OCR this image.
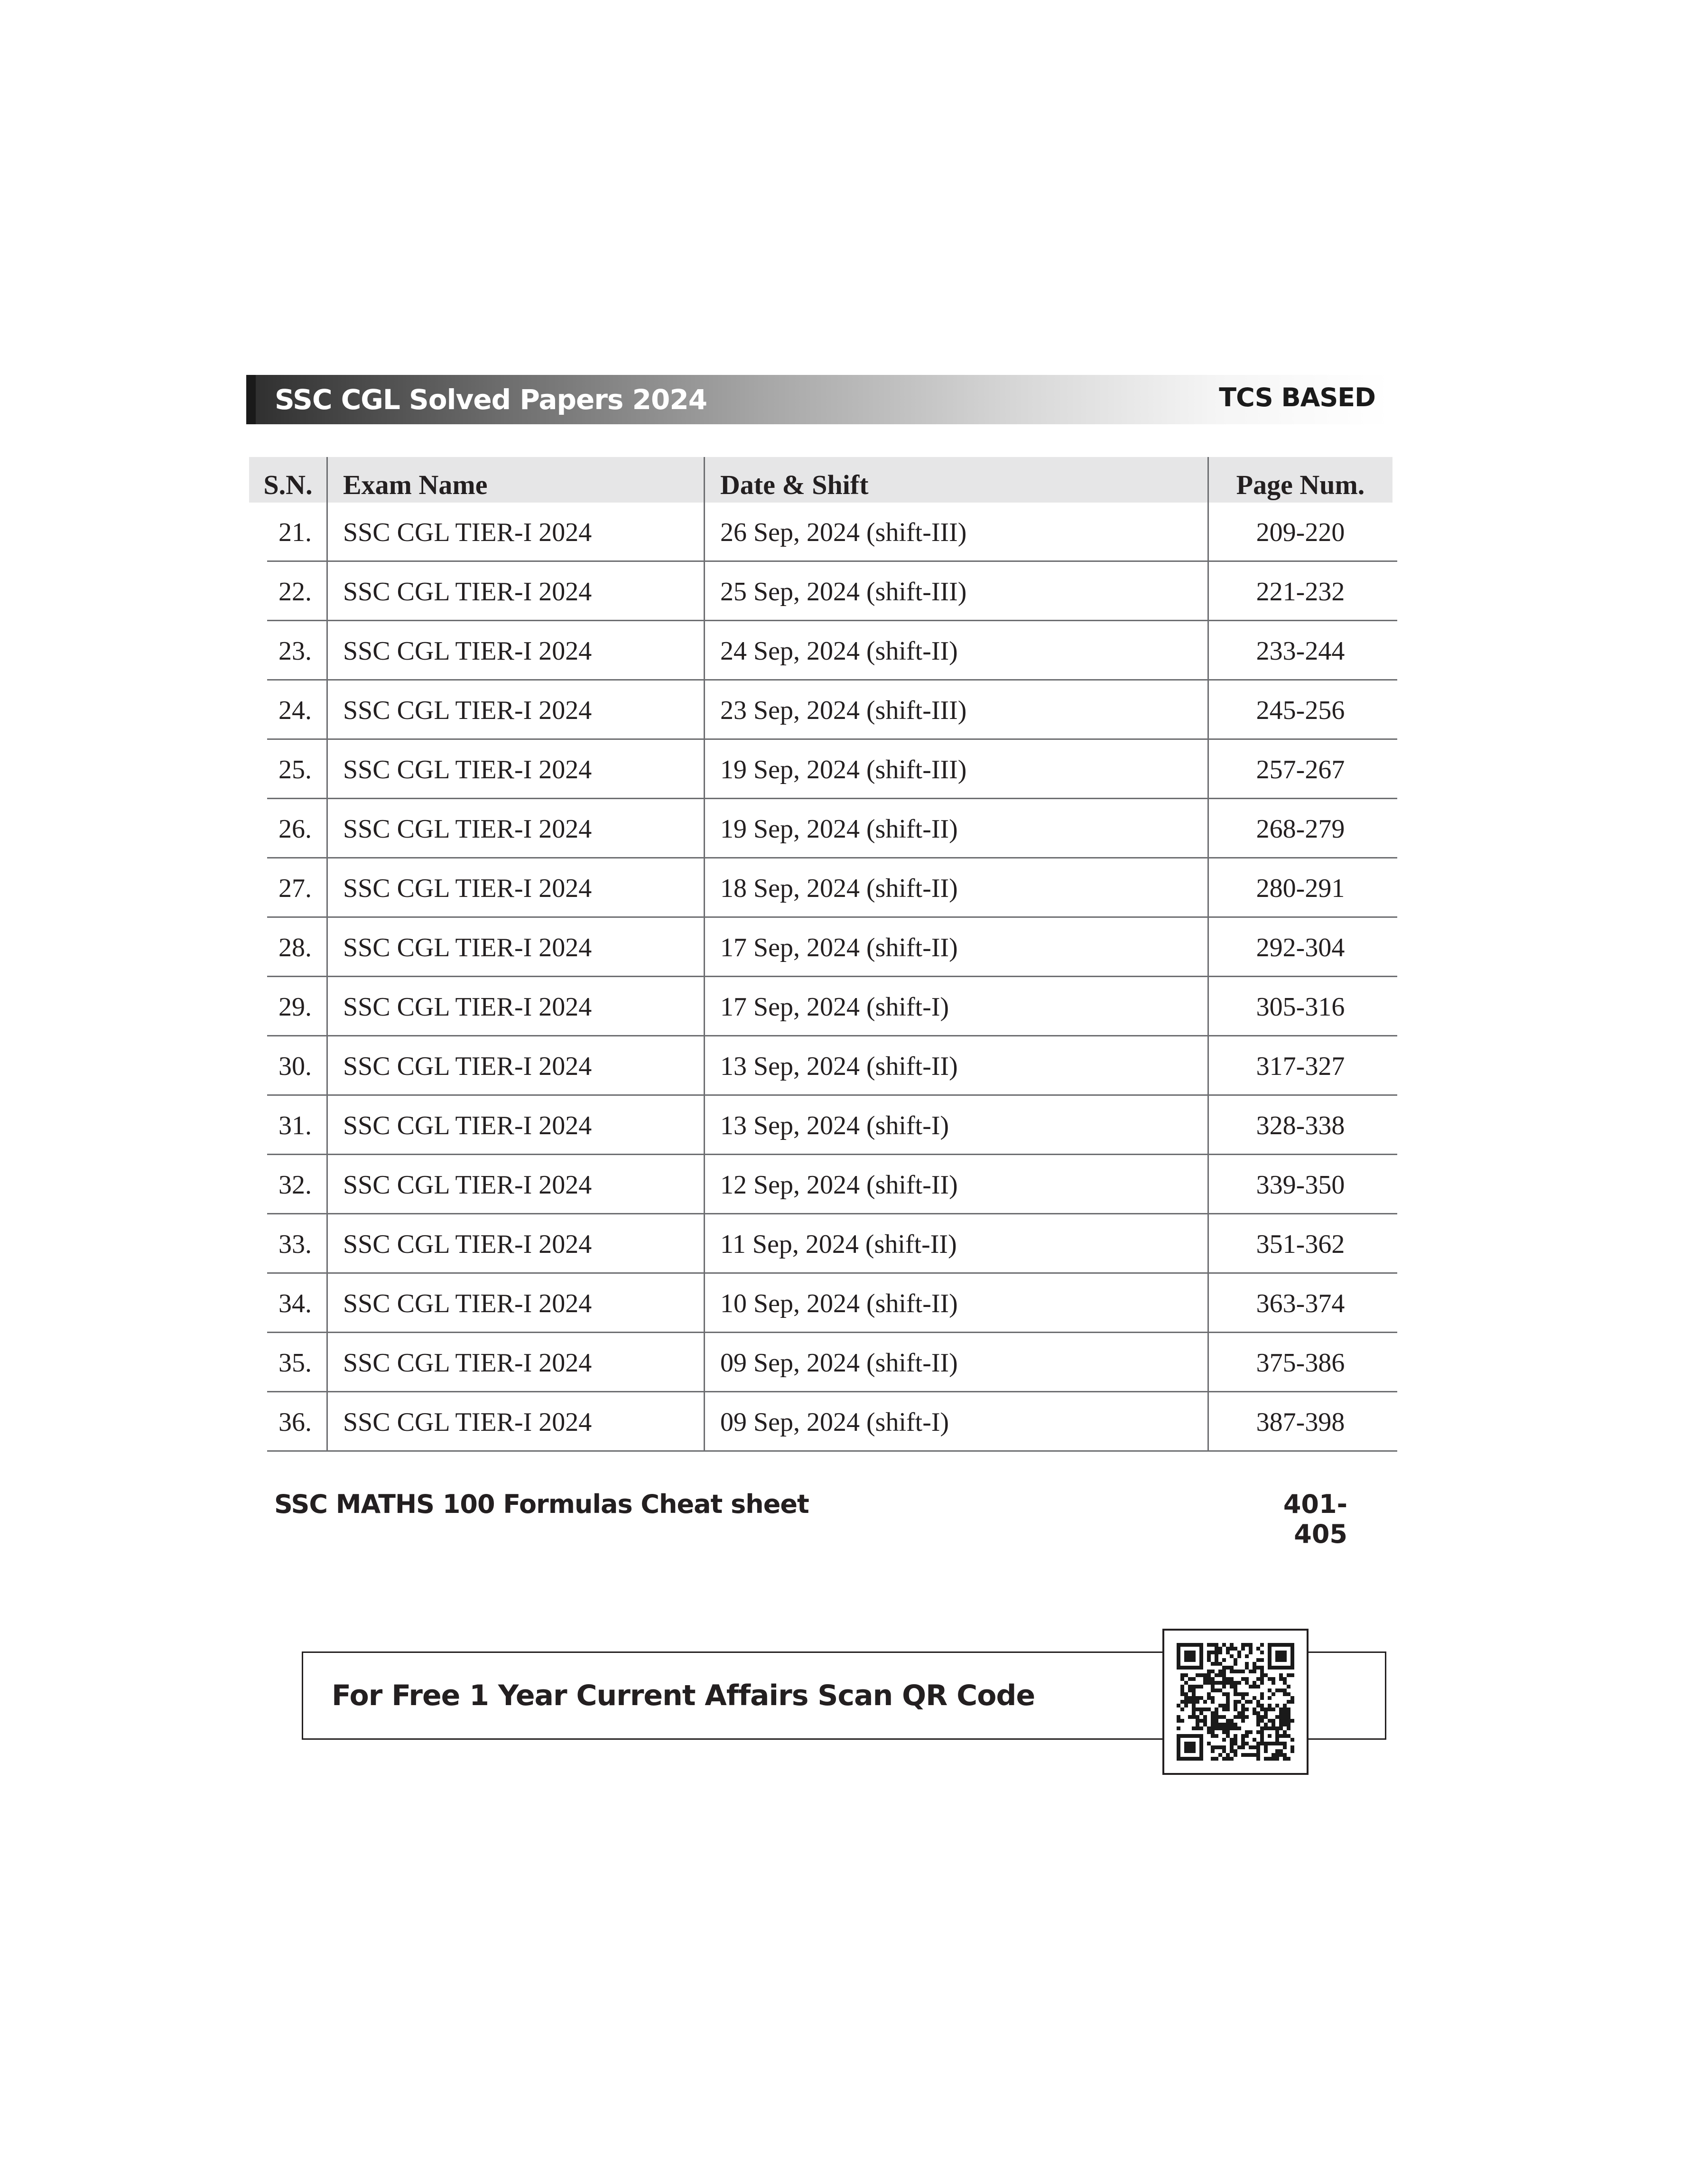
SSC CGL Solved Papers 2024	TCS BASED
S.N.	Exam Name	Date & Shift	Page Num.
21.	SSC CGL TIER-I 2024	26 Sep, 2024 (shift-III)	209-220
22.	SSC CGL TIER-I 2024	25 Sep, 2024 (shift-III)	221-232
23.	SSC CGL TIER-I 2024	24 Sep, 2024 (shift-II)	233-244
24.	SSC CGL TIER-I 2024	23 Sep, 2024 (shift-III)	245-256
25.	SSC CGL TIER-I 2024	19 Sep, 2024 (shift-III)	257-267
26.	SSC CGL TIER-I 2024	19 Sep, 2024 (shift-II)	268-279
27.	SSC CGL TIER-I 2024	18 Sep, 2024 (shift-II)	280-291
28.	SSC CGL TIER-I 2024	17 Sep, 2024 (shift-II)	292-304
29.	SSC CGL TIER-I 2024	17 Sep, 2024 (shift-I)	305-316
30.	SSC CGL TIER-I 2024	13 Sep, 2024 (shift-II)	317-327
31.	SSC CGL TIER-I 2024	13 Sep, 2024 (shift-I)	328-338
32.	SSC CGL TIER-I 2024	12 Sep, 2024 (shift-II)	339-350
33.	SSC CGL TIER-I 2024	11 Sep, 2024 (shift-II)	351-362
34.	SSC CGL TIER-I 2024	10 Sep, 2024 (shift-II)	363-374
35.	SSC CGL TIER-I 2024	09 Sep, 2024 (shift-II)	375-386
36.	SSC CGL TIER-I 2024	09 Sep, 2024 (shift-I)	387-398
SSC MATHS 100 Formulas Cheat sheet	401-405
For Free 1 Year Current Affairs Scan QR Code
